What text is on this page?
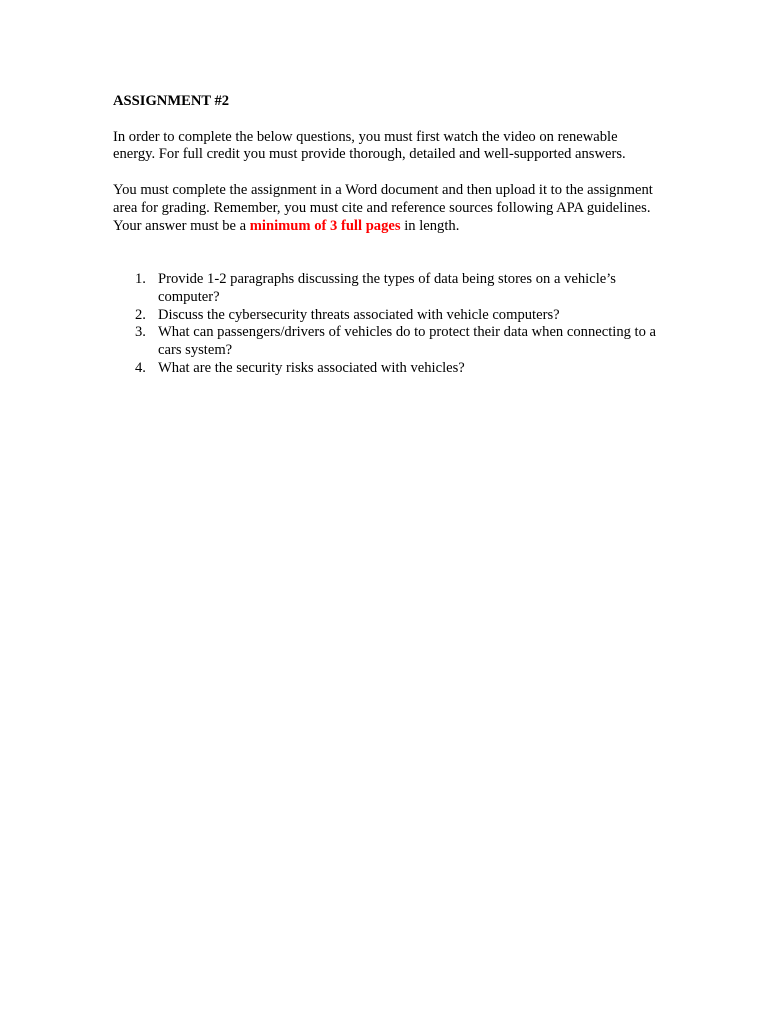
ASSIGNMENT #2

In order to complete the below questions, you must first watch the video on renewable energy. For full credit you must provide thorough, detailed and well-supported answers.

You must complete the assignment in a Word document and then upload it to the assignment area for grading. Remember, you must cite and reference sources following APA guidelines. Your answer must be a minimum of 3 full pages in length.

1. Provide 1-2 paragraphs discussing the types of data being stores on a vehicle’s computer?
2. Discuss the cybersecurity threats associated with vehicle computers?
3. What can passengers/drivers of vehicles do to protect their data when connecting to a cars system?
4. What are the security risks associated with vehicles?
